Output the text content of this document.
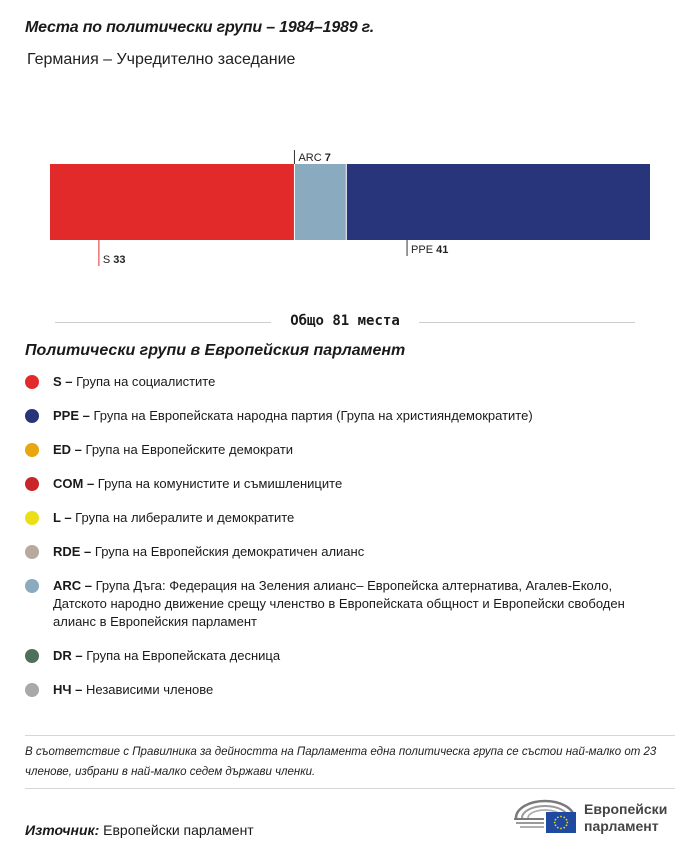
Места по политически групи – 1984–1989 г.
Германия – Учредително заседание
S 33
ARC 7
PPE 41
Общо 81 места
Политически групи в Европейския парламент
S – Група на социалистите
PPE – Група на Европейската народна партия (Група на християндемократите)
ED – Група на Европейските демократи
COM – Група на комунистите и съмишлениците
L – Група на либералите и демократите
RDE – Група на Европейския демократичен алианс
ARC – Група Дъга: Федерация на Зеления алианс– Европейска алтернатива, Агалев-Еколо, Датското народно движение срещу членство в Европейската общност и Европейски свободен алианс в Европейския парламент
DR – Група на Европейската десница
НЧ – Независими членове
В съответствие с Правилника за дейността на Парламента една политическа група се състои най-малко от 23 членове, избрани в най-малко седем държави членки.
Източник: Европейски парламент
Европейски
парламент
